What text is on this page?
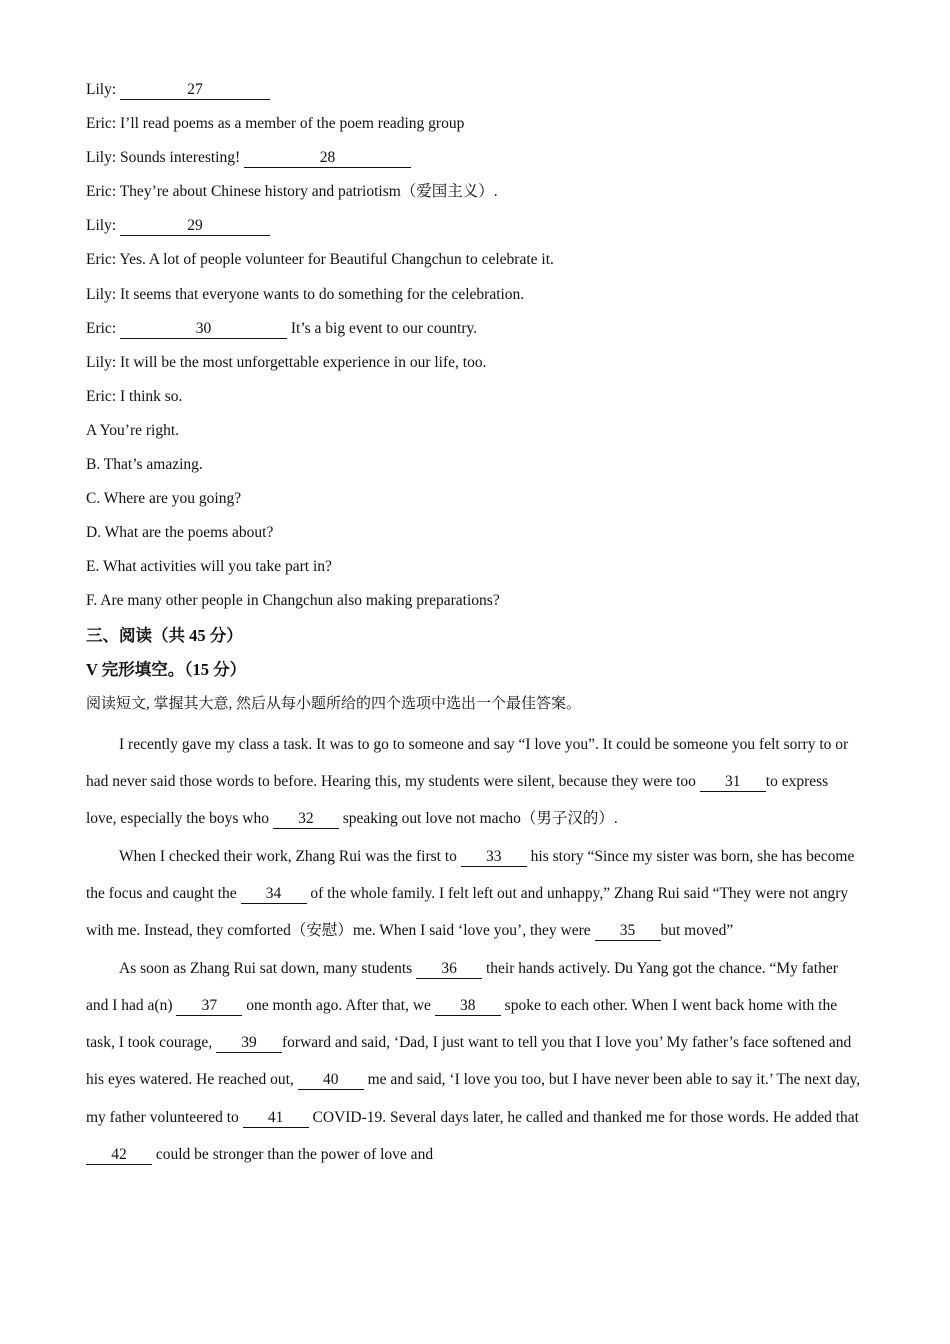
Lily:	27
Eric: I’ll read poems as a member of the poem reading group
Lily: Sounds interesting!	28
Eric: They’re about Chinese history and patriotism（爱国主义）.
Lily:	29
Eric: Yes. A lot of people volunteer for Beautiful Changchun to celebrate it.
Lily: It seems that everyone wants to do something for the celebration.
Eric:	30	It’s a big event to our country.
Lily: It will be the most unforgettable experience in our life, too.
Eric: I think so.
A You’re right.
B. That’s amazing.
C. Where are you going?
D. What are the poems about?
E. What activities will you take part in?
F. Are many other people in Changchun also making preparations?
三、阅读（共 45 分）
V 完形填空。（15 分）
阅读短文, 掌握其大意, 然后从每小题所给的四个选项中选出一个最佳答案。

I recently gave my class a task. It was to go to someone and say “I love you”. It could be someone you felt sorry to or had never said those words to before. Hearing this, my students were silent, because they were too 31 to express love, especially the boys who 32 speaking out love not macho（男子汉的）.

When I checked their work, Zhang Rui was the first to 33 his story “Since my sister was born, she has become the focus and caught the 34 of the whole family. I felt left out and unhappy,” Zhang Rui said “They were not angry with me. Instead, they comforted（安慰）me. When I said ‘love you’, they were 35 but moved”

As soon as Zhang Rui sat down, many students 36 their hands actively. Du Yang got the chance. “My father and I had a(n) 37 one month ago. After that, we 38 spoke to each other. When I went back home with the task, I took courage, 39 forward and said, ‘Dad, I just want to tell you that I love you’ My father’s face softened and his eyes watered. He reached out, 40 me and said, ‘I love you too, but I have never been able to say it.’ The next day, my father volunteered to 41 COVID-19. Several days later, he called and thanked me for those words. He added that 42 could be stronger than the power of love and
